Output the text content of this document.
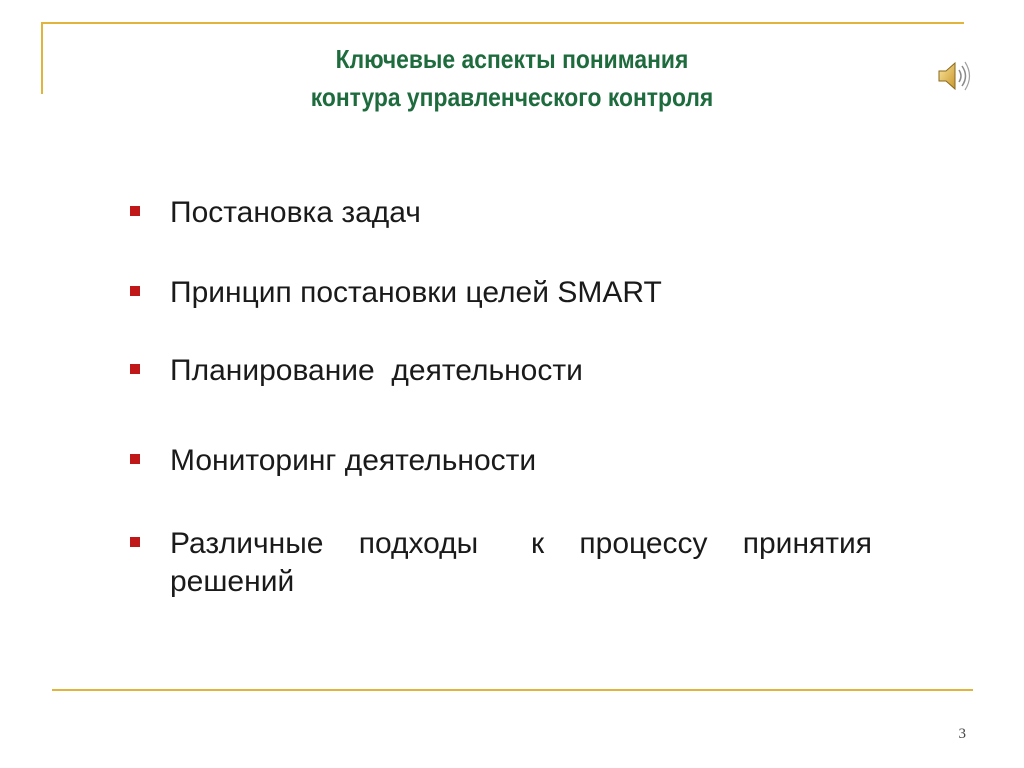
Ключевые аспекты понимания
контура управленческого контроля
Постановка задач
Принцип постановки целей SMART
Планирование  деятельности
Мониторинг деятельности
Различные  подходы   к  процессу  принятия решений
3
